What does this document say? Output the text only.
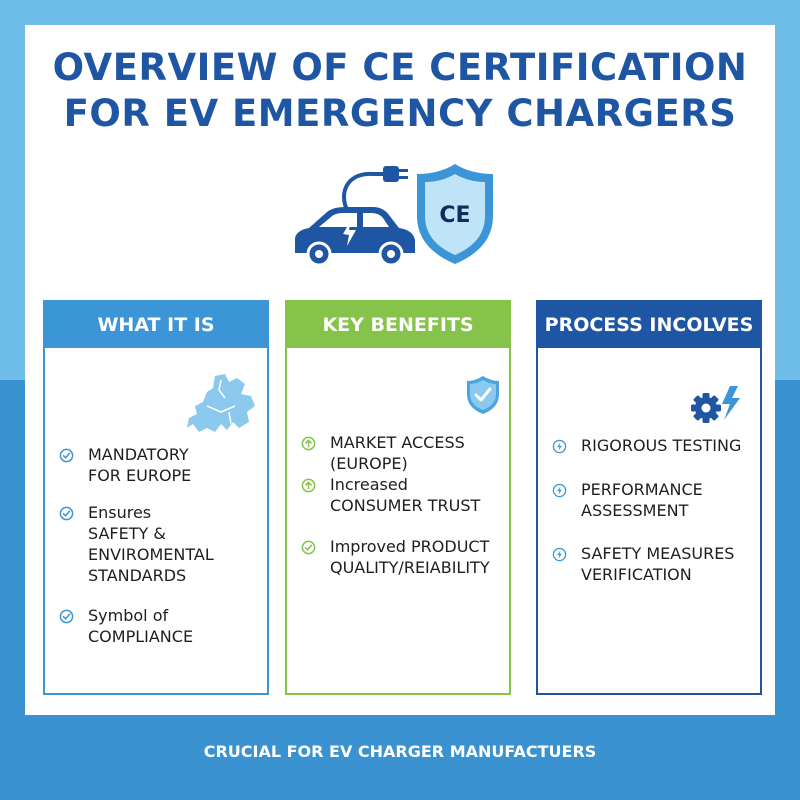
OVERVIEW OF CE CERTIFICATION
FOR EV EMERGENCY CHARGERS
CE
WHAT IT IS
MANDATORY
FOR EUROPE
Ensures
SAFETY &
ENVIROMENTAL
STANDARDS
Symbol of
COMPLIANCE
KEY BENEFITS
MARKET ACCESS (EUROPE)
Increased
CONSUMER TRUST
Improved PRODUCT
QUALITY/REIABILITY
PROCESS INCOLVES
RIGOROUS TESTING
PERFORMANCE
ASSESSMENT
SAFETY MEASURES
VERIFICATION
CRUCIAL FOR EV CHARGER MANUFACTUERS
